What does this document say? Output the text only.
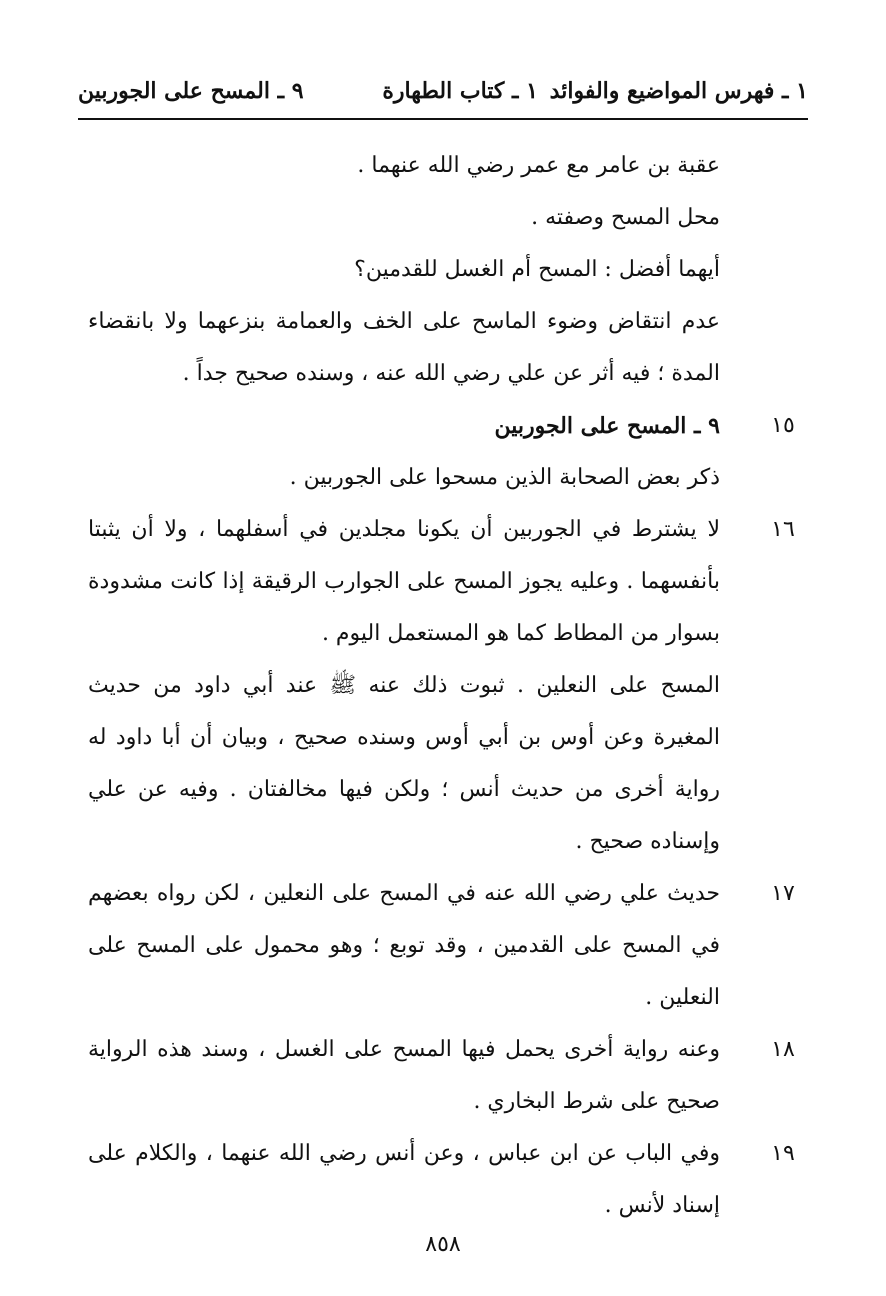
١ ـ فهرس المواضيع والفوائد
١ ـ كتاب الطهارة
٩ ـ المسح على الجوربين
عقبة بن عامر مع عمر رضي الله عنهما .
محل المسح وصفته .
أيهما أفضل : المسح أم الغسل للقدمين؟
عدم انتقاض وضوء الماسح على الخف والعمامة بنزعهما ولا بانقضاء المدة ؛ فيه أثر عن علي رضي الله عنه ، وسنده صحيح جداً .
١٥
٩ ـ المسح على الجوربين
ذكر بعض الصحابة الذين مسحوا على الجوربين .
١٦
لا يشترط في الجوربين أن يكونا مجلدين في أسفلهما ، ولا أن يثبتا بأنفسهما . وعليه يجوز المسح على الجوارب الرقيقة إذا كانت مشدودة بسوار من المطاط كما هو المستعمل اليوم .
المسح على النعلين . ثبوت ذلك عنه ﷺ عند أبي داود من حديث المغيرة وعن أوس بن أبي أوس وسنده صحيح ، وبيان أن أبا داود له رواية أخرى من حديث أنس ؛ ولكن فيها مخالفتان . وفيه عن علي وإسناده صحيح .
١٧
حديث علي رضي الله عنه في المسح على النعلين ، لكن رواه بعضهم في المسح على القدمين ، وقد توبع ؛ وهو محمول على المسح على النعلين .
١٨
وعنه رواية أخرى يحمل فيها المسح على الغسل ، وسند هذه الرواية صحيح على شرط البخاري .
١٩
وفي الباب عن ابن عباس ، وعن أنس رضي الله عنهما ، والكلام على إسناد لأنس .
٨٥٨
